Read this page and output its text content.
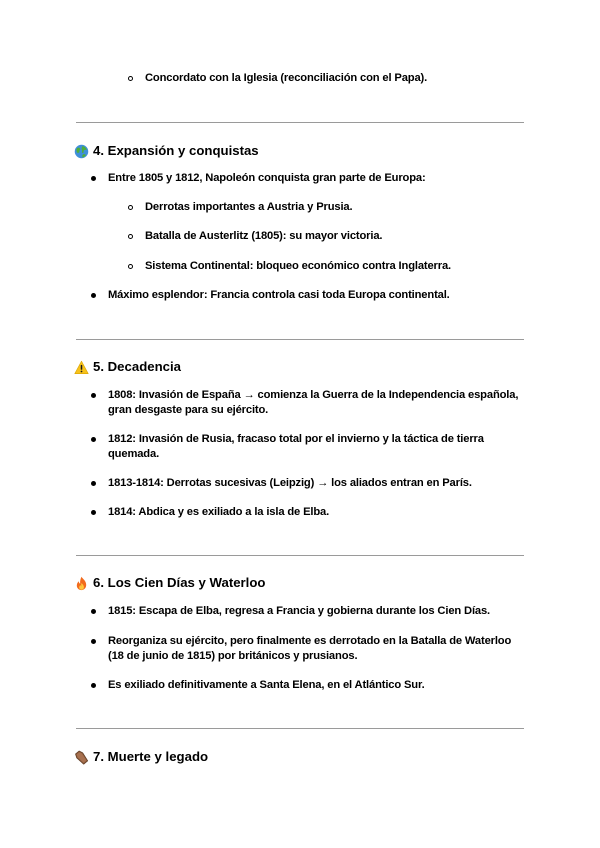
Concordato con la Iglesia (reconciliación con el Papa).
4. Expansión y conquistas
Entre 1805 y 1812, Napoleón conquista gran parte de Europa:
Derrotas importantes a Austria y Prusia.
Batalla de Austerlitz (1805): su mayor victoria.
Sistema Continental: bloqueo económico contra Inglaterra.
Máximo esplendor: Francia controla casi toda Europa continental.
5. Decadencia
1808: Invasión de España → comienza la Guerra de la Independencia española,
gran desgaste para su ejército.
1812: Invasión de Rusia, fracaso total por el invierno y la táctica de tierra
quemada.
1813-1814: Derrotas sucesivas (Leipzig) → los aliados entran en París.
1814: Abdica y es exiliado a la isla de Elba.
6. Los Cien Días y Waterloo
1815: Escapa de Elba, regresa a Francia y gobierna durante los Cien Días.
Reorganiza su ejército, pero finalmente es derrotado en la Batalla de Waterloo
(18 de junio de 1815) por británicos y prusianos.
Es exiliado definitivamente a Santa Elena, en el Atlántico Sur.
7. Muerte y legado
